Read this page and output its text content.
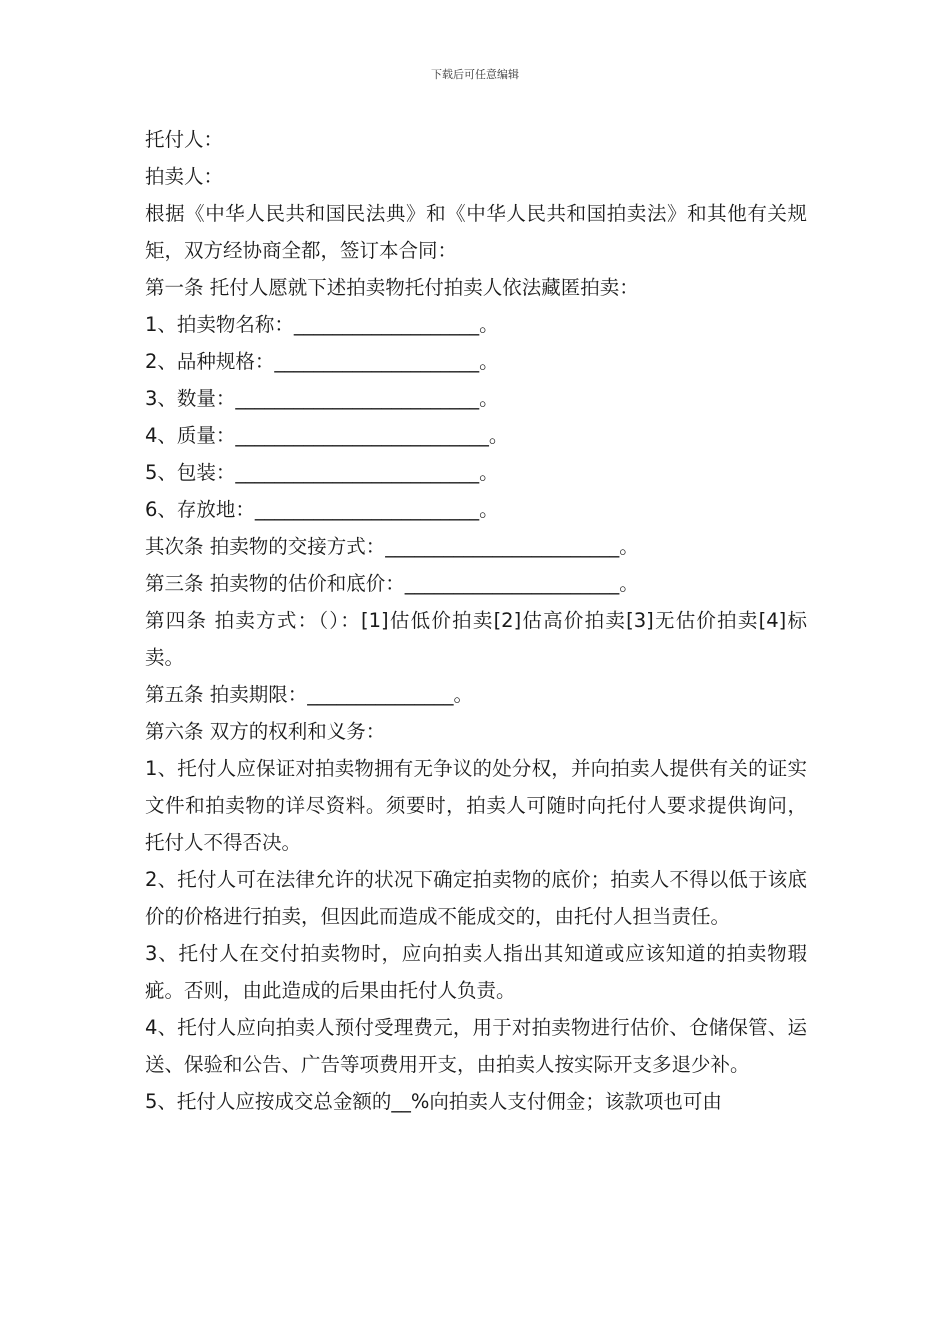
下载后可任意编辑

托付人：

拍卖人：

根据《中华人民共和国民法典》和《中华人民共和国拍卖法》和其他有关规矩，双方经协商全都，签订本合同：

第一条 托付人愿就下述拍卖物托付拍卖人依法藏匿拍卖：

1、拍卖物名称：___________________。

2、品种规格：_____________________。

3、数量：_________________________。

4、质量：__________________________。

5、包装：_________________________。

6、存放地：_______________________。

其次条 拍卖物的交接方式：________________________。

第三条 拍卖物的估价和底价：______________________。

第四条 拍卖方式：（）：[1]估低价拍卖[2]估高价拍卖[3]无估价拍卖[4]标卖。

第五条 拍卖期限：_______________。

第六条 双方的权利和义务：

1、托付人应保证对拍卖物拥有无争议的处分权，并向拍卖人提供有关的证实文件和拍卖物的详尽资料。须要时，拍卖人可随时向托付人要求提供询问，托付人不得否决。

2、托付人可在法律允许的状况下确定拍卖物的底价；拍卖人不得以低于该底价的价格进行拍卖，但因此而造成不能成交的，由托付人担当责任。

3、托付人在交付拍卖物时，应向拍卖人指出其知道或应该知道的拍卖物瑕疵。否则，由此造成的后果由托付人负责。

4、托付人应向拍卖人预付受理费元，用于对拍卖物进行估价、仓储保管、运送、保验和公告、广告等项费用开支，由拍卖人按实际开支多退少补。

5、托付人应按成交总金额的__%向拍卖人支付佣金；该款项也可由
